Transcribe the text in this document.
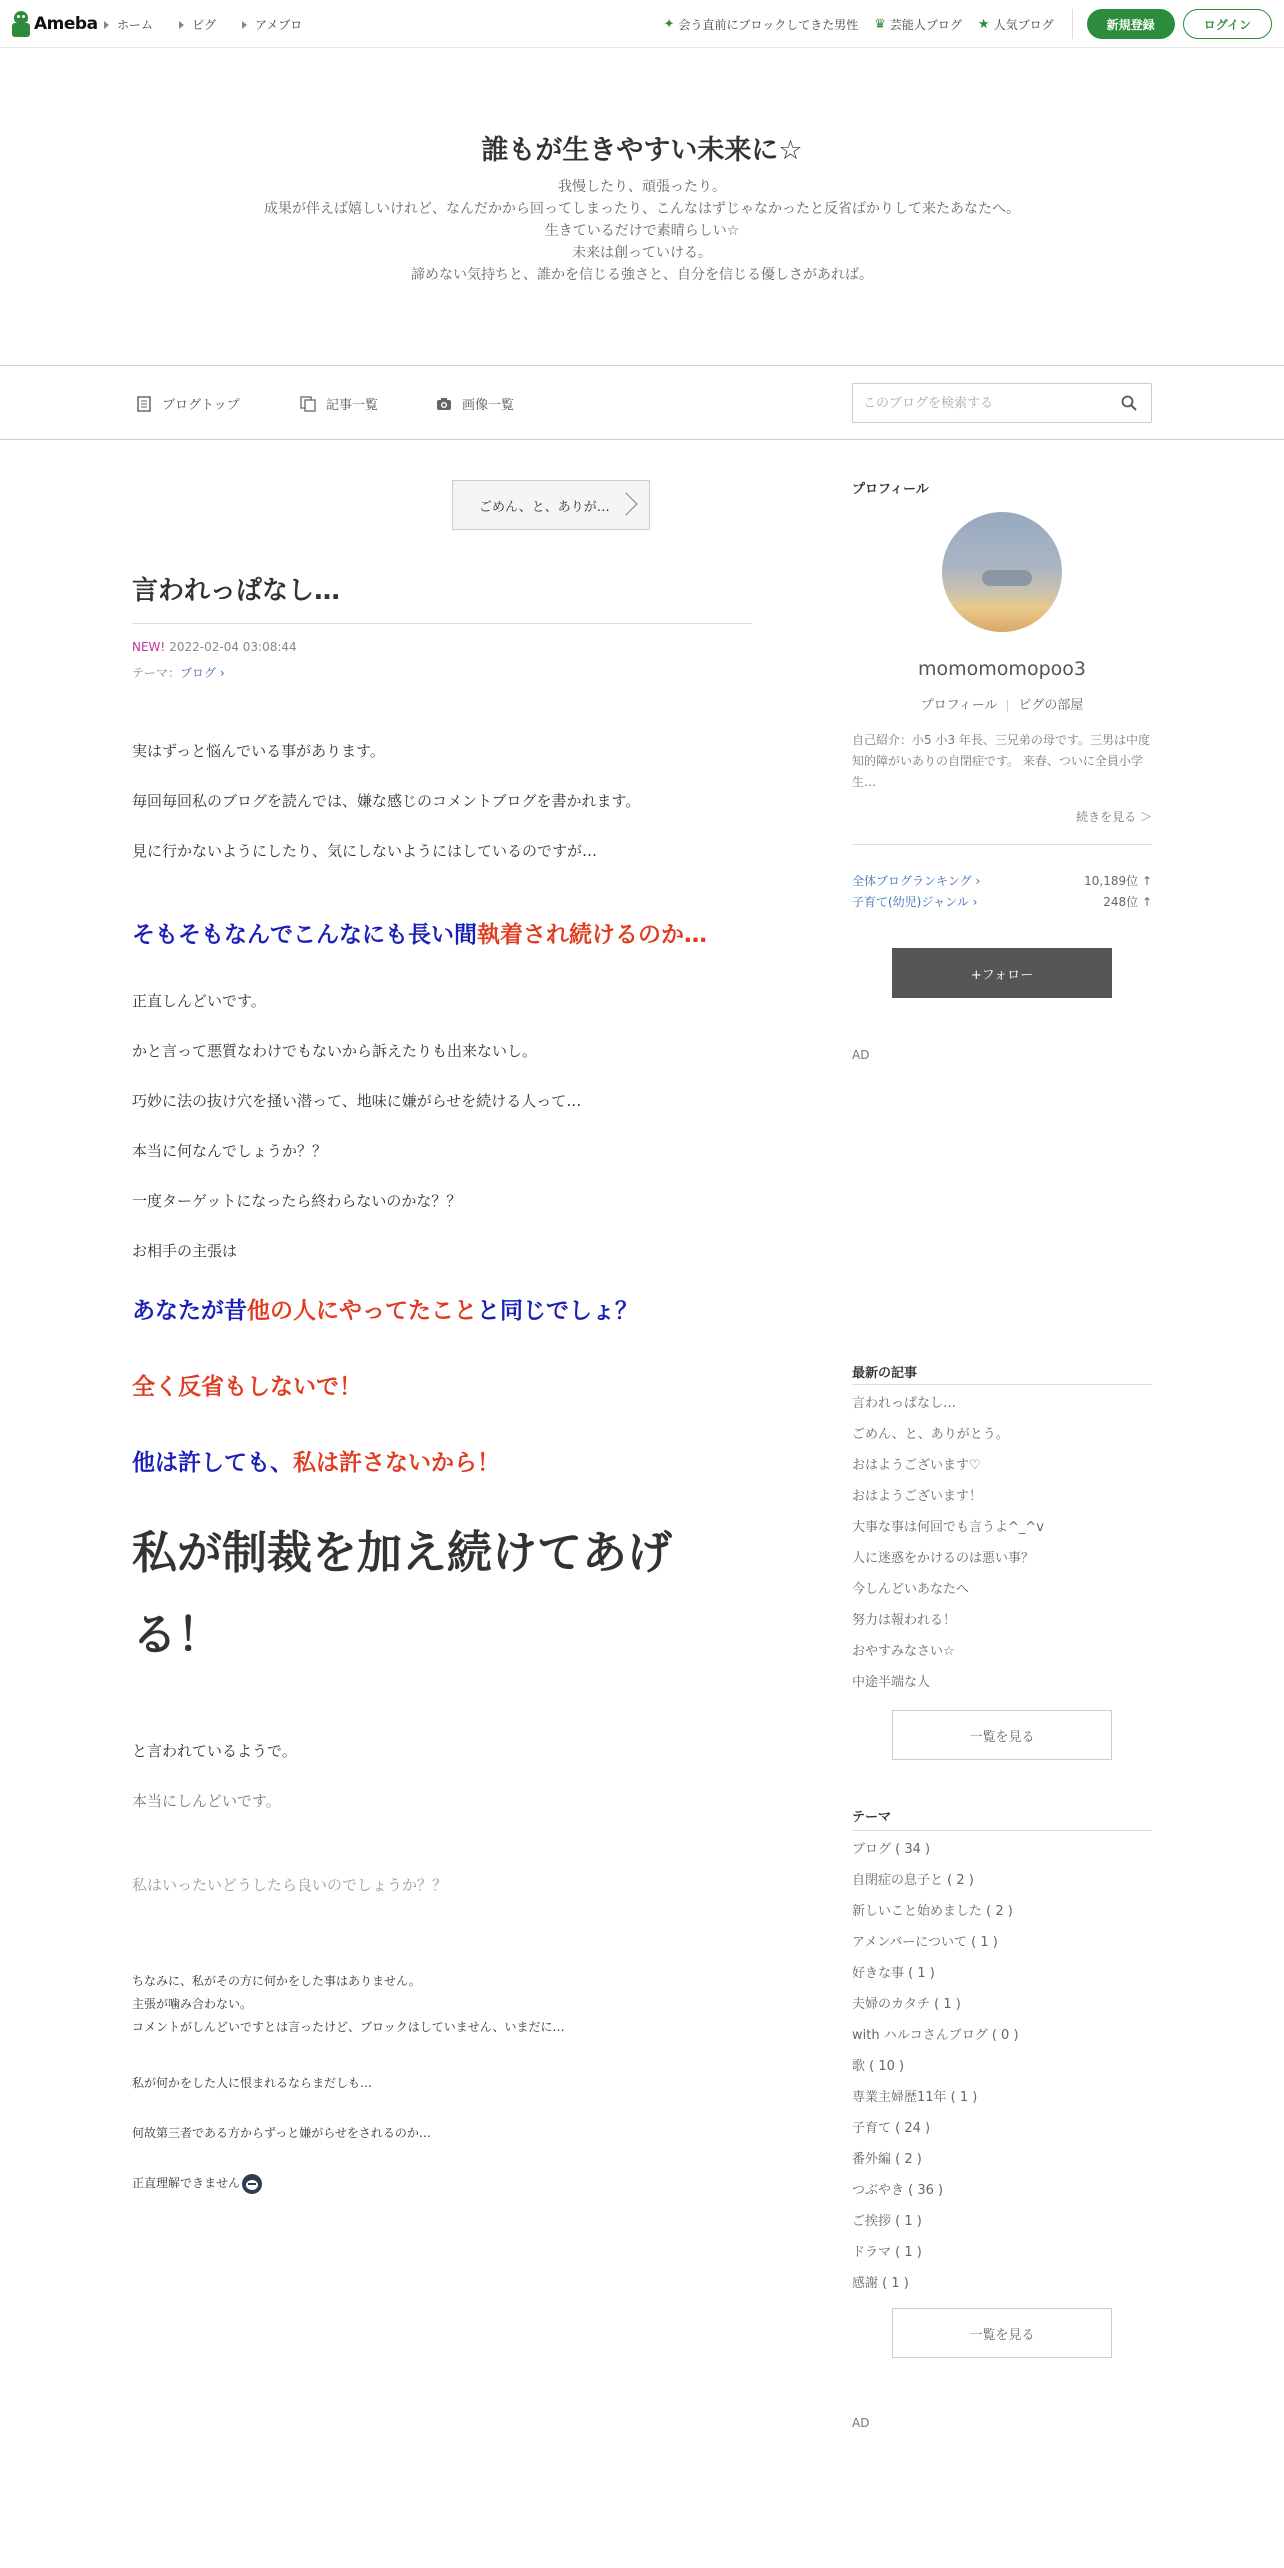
Ameba ホーム	ピグ	アメブロ	✦ 会う直前にブロックしてきた男性 ♛ 芸能人ブログ ★ 人気ブログ	新規登録	ログイン
誰もが生きやすい未来に☆
我慢したり、頑張ったり。
成果が伴えば嬉しいけれど、なんだかから回ってしまったり、こんなはずじゃなかったと反省ばかりして来たあなたへ。
生きているだけで素晴らしい☆
未来は創っていける。
諦めない気持ちと、誰かを信じる強さと、自分を信じる優しさがあれば。
ブログトップ	記事一覧	画像一覧
このブログを検索する
ごめん、と、ありが…
言われっぱなし…
NEW! 2022-02-04 03:08:44
テーマ：ブログ ›
実はずっと悩んでいる事があります。
毎回毎回私のブログを読んでは、嫌な感じのコメントブログを書かれます。
見に行かないようにしたり、気にしないようにはしているのですが…
そもそもなんでこんなにも長い間執着され続けるのか…
正直しんどいです。
かと言って悪質なわけでもないから訴えたりも出来ないし。
巧妙に法の抜け穴を掻い潜って、地味に嫌がらせを続ける人って…
本当に何なんでしょうか？？
一度ターゲットになったら終わらないのかな？？
お相手の主張は
あなたが昔他の人にやってたことと同じでしょ？
全く反省もしないで！
他は許しても、私は許さないから！
私が制裁を加え続けてあげる！
と言われているようで。
本当にしんどいです。
私はいったいどうしたら良いのでしょうか？？
ちなみに、私がその方に何かをした事はありません。
主張が噛み合わない。
コメントがしんどいですとは言ったけど、ブロックはしていません、いまだに…
私が何かをした人に恨まれるならまだしも…
何故第三者である方からずっと嫌がらせをされるのか…
正直理解できません
プロフィール
momomomopoo3
プロフィール ピグの部屋
自己紹介：小5 小3 年長、三兄弟の母です。三男は中度知的障がいありの自閉症です。 来春、ついに全員小学生…
続きを見る ＞
全体ブログランキング ›	10,189位 ↑
子育て(幼児)ジャンル ›	248位 ↑
+フォロー
AD
最新の記事
言われっぱなし…
ごめん、と、ありがとう。
おはようございます♡
おはようございます！
大事な事は何回でも言うよ^_^v
人に迷惑をかけるのは悪い事？
今しんどいあなたへ
努力は報われる！
おやすみなさい☆
中途半端な人
一覧を見る
テーマ
ブログ ( 34 )
自閉症の息子と ( 2 )
新しいこと始めました ( 2 )
アメンバーについて ( 1 )
好きな事 ( 1 )
夫婦のカタチ ( 1 )
with ハルコさんブログ ( 0 )
歌 ( 10 )
専業主婦歴11年 ( 1 )
子育て ( 24 )
番外編 ( 2 )
つぶやき ( 36 )
ご挨拶 ( 1 )
ドラマ ( 1 )
感謝 ( 1 )
一覧を見る
AD
